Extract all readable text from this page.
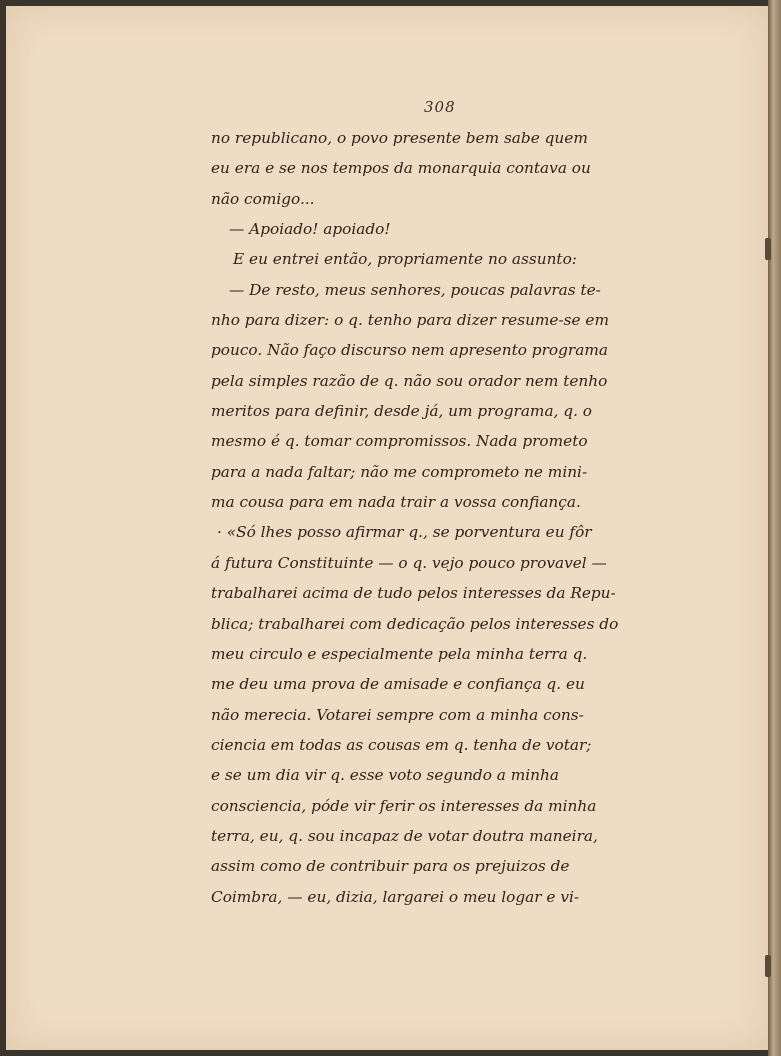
308
no republicano, o povo presente bem sabe quem
eu era e se nos tempos da monarquia contava ou
não comigo...
— Apoiado! apoiado!
E eu entrei então, propriamente no assunto:
— De resto, meus senhores, poucas palavras te-
nho para dizer: o q. tenho para dizer resume-se em
pouco. Não faço discurso nem apresento programa
pela simples razão de q. não sou orador nem tenho
meritos para definir, desde já, um programa, q. o
mesmo é q. tomar compromissos. Nada prometo
para a nada faltar; não me comprometo ne mini-
ma cousa para em nada trair a vossa confiança.
· «Só lhes posso afirmar q., se porventura eu fôr
á futura Constituinte — o q. vejo pouco provavel —
trabalharei acima de tudo pelos interesses da Repu-
blica; trabalharei com dedicação pelos interesses do
meu circulo e especialmente pela minha terra q.
me deu uma prova de amisade e confiança q. eu
não merecia. Votarei sempre com a minha cons-
ciencia em todas as cousas em q. tenha de votar;
e se um dia vir q. esse voto segundo a minha
consciencia, póde vir ferir os interesses da minha
terra, eu, q. sou incapaz de votar doutra maneira,
assim como de contribuir para os prejuizos de
Coimbra, — eu, dizia, largarei o meu logar e vi-
